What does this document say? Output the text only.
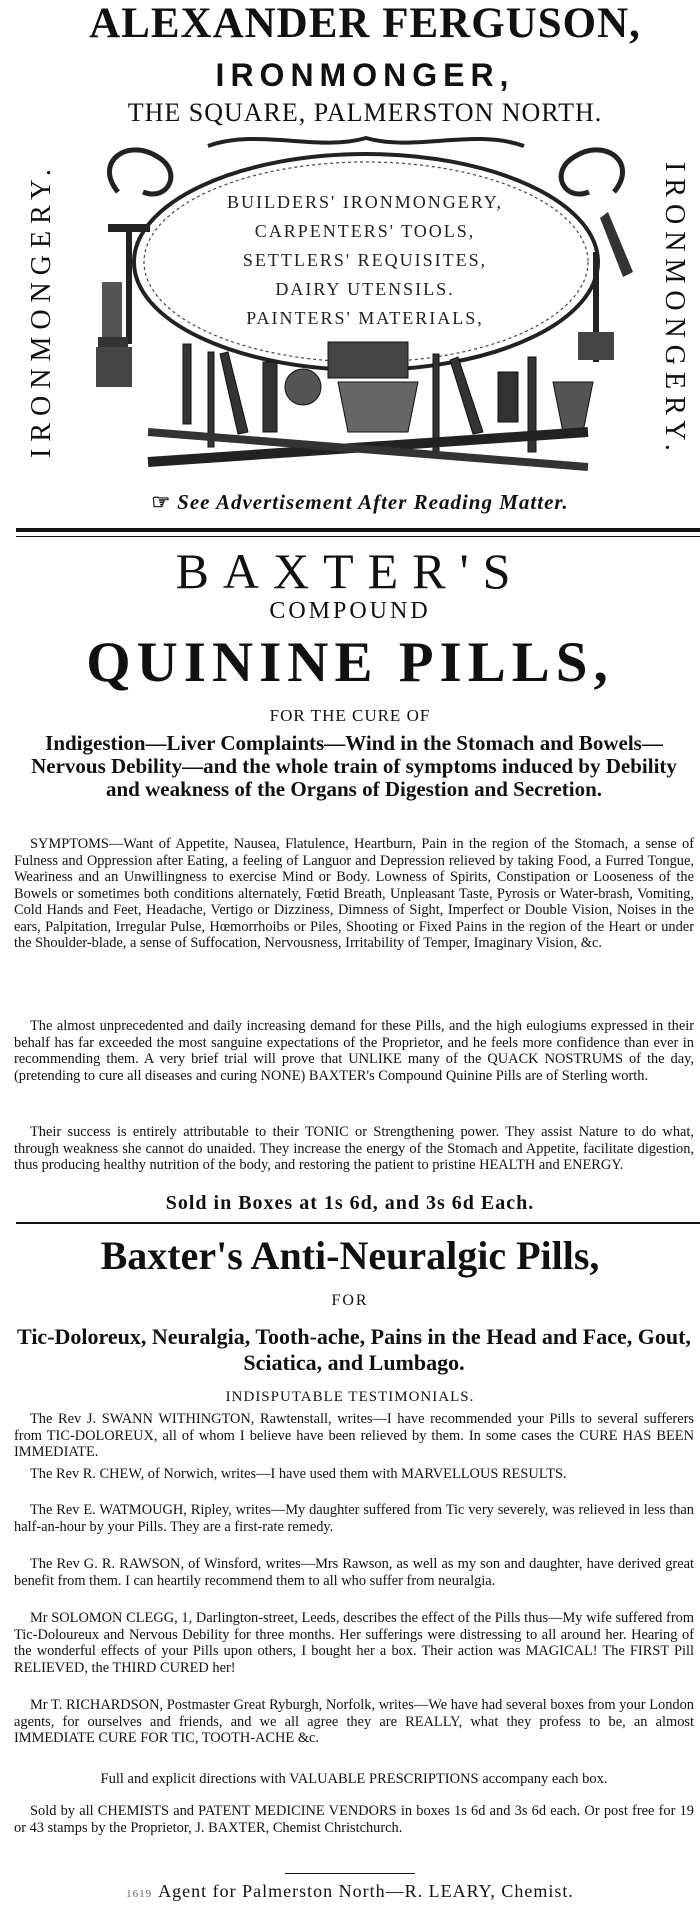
ALEXANDER FERGUSON,
IRONMONGER,
THE SQUARE, PALMERSTON NORTH.
IRONMONGERY.	IRONMONGERY.
BUILDERS' IRONMONGERY,
CARPENTERS' TOOLS,
SETTLERS' REQUISITES,
DAIRY UTENSILS.
PAINTERS' MATERIALS,
☞ See Advertisement After Reading Matter.
BAXTER'S
COMPOUND
QUININE PILLS,
FOR THE CURE OF
Indigestion—Liver Complaints—Wind in the Stomach and Bowels—Nervous Debility—and the whole train of symptoms induced by Debility and weakness of the Organs of Digestion and Secretion.
SYMPTOMS—Want of Appetite, Nausea, Flatulence, Heartburn, Pain in the region of the Stomach, a sense of Fulness and Oppression after Eating, a feeling of Languor and Depression relieved by taking Food, a Furred Tongue, Weariness and an Unwillingness to exercise Mind or Body. Lowness of Spirits, Constipation or Looseness of the Bowels or sometimes both conditions alternately, Fœtid Breath, Unpleasant Taste, Pyrosis or Water-brash, Vomiting, Cold Hands and Feet, Headache, Vertigo or Dizziness, Dimness of Sight, Imperfect or Double Vision, Noises in the ears, Palpitation, Irregular Pulse, Hœmorrhoibs or Piles, Shooting or Fixed Pains in the region of the Heart or under the Shoulder-blade, a sense of Suffocation, Nervousness, Irritability of Temper, Imaginary Vision, &c.
The almost unprecedented and daily increasing demand for these Pills, and the high eulogiums expressed in their behalf has far exceeded the most sanguine expectations of the Proprietor, and he feels more confidence than ever in recommending them. A very brief trial will prove that UNLIKE many of the QUACK NOSTRUMS of the day, (pretending to cure all diseases and curing NONE) BAXTER's Compound Quinine Pills are of Sterling worth.
Their success is entirely attributable to their TONIC or Strengthening power. They assist Nature to do what, through weakness she cannot do unaided. They increase the energy of the Stomach and Appetite, facilitate digestion, thus producing healthy nutrition of the body, and restoring the patient to pristine HEALTH and ENERGY.
Sold in Boxes at 1s 6d, and 3s 6d Each.
Baxter's Anti-Neuralgic Pills,
FOR
Tic-Doloreux, Neuralgia, Tooth-ache, Pains in the Head and Face, Gout, Sciatica, and Lumbago.
INDISPUTABLE TESTIMONIALS.
The Rev J. SWANN WITHINGTON, Rawtenstall, writes—I have recommended your Pills to several sufferers from TIC-DOLOREUX, all of whom I believe have been relieved by them. In some cases the CURE HAS BEEN IMMEDIATE.
The Rev R. CHEW, of Norwich, writes—I have used them with MARVELLOUS RESULTS.
The Rev E. WATMOUGH, Ripley, writes—My daughter suffered from Tic very severely, was relieved in less than half-an-hour by your Pills. They are a first-rate remedy.
The Rev G. R. RAWSON, of Winsford, writes—Mrs Rawson, as well as my son and daughter, have derived great benefit from them. I can heartily recommend them to all who suffer from neuralgia.
Mr SOLOMON CLEGG, 1, Darlington-street, Leeds, describes the effect of the Pills thus—My wife suffered from Tic-Doloureux and Nervous Debility for three months. Her sufferings were distressing to all around her. Hearing of the wonderful effects of your Pills upon others, I bought her a box. Their action was MAGICAL! The FIRST Pill RELIEVED, the THIRD CURED her!
Mr T. RICHARDSON, Postmaster Great Ryburgh, Norfolk, writes—We have had several boxes from your London agents, for ourselves and friends, and we all agree they are REALLY, what they profess to be, an almost IMMEDIATE CURE FOR TIC, TOOTH-ACHE &c.
Full and explicit directions with VALUABLE PRESCRIPTIONS accompany each box.
Sold by all CHEMISTS and PATENT MEDICINE VENDORS in boxes 1s 6d and 3s 6d each. Or post free for 19 or 43 stamps by the Proprietor, J. BAXTER, Chemist Christchurch.
1619 Agent for Palmerston North—R. LEARY, Chemist.
